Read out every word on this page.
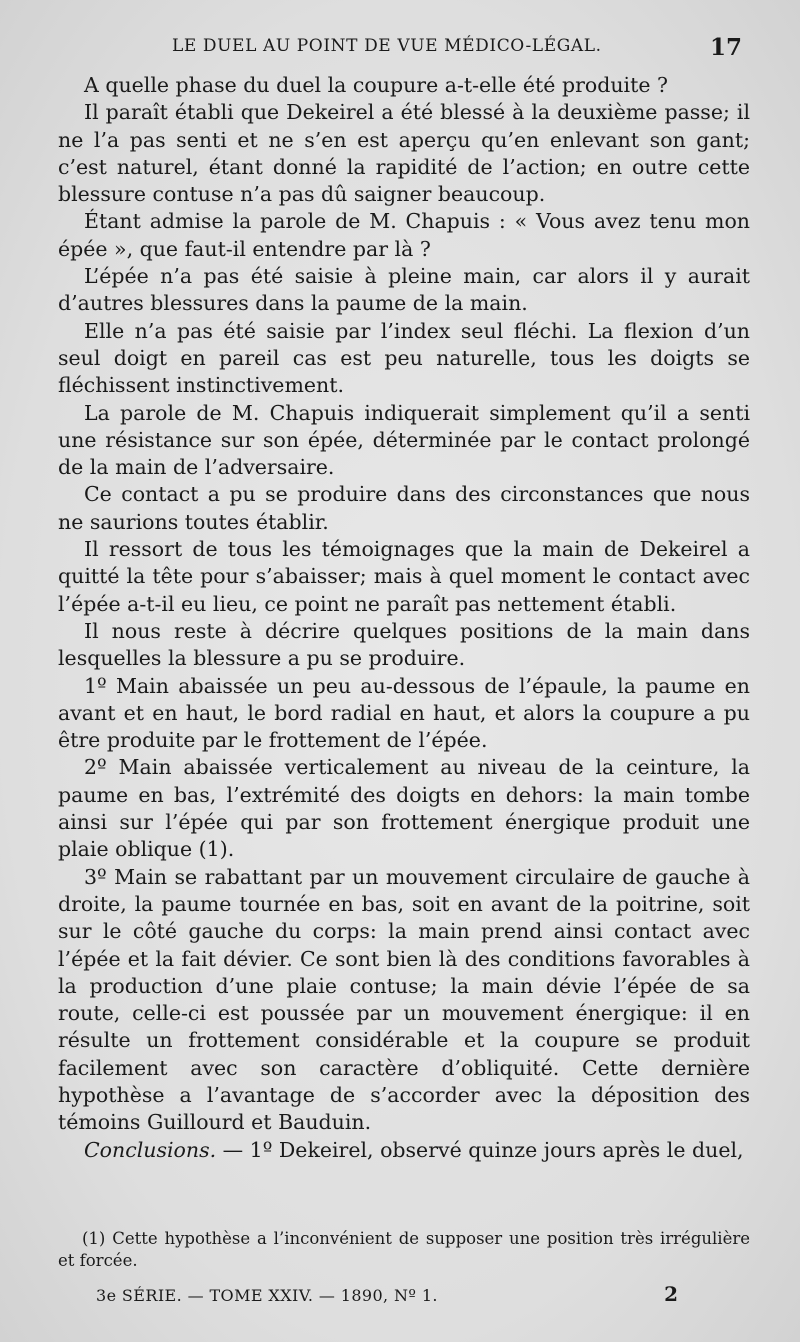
LE DUEL AU POINT DE VUE MÉDICO-LÉGAL.	17

A quelle phase du duel la coupure a-t-elle été produite ?

Il paraît établi que Dekeirel a été blessé à la deuxième passe; il ne l’a pas senti et ne s’en est aperçu qu’en enlevant son gant; c’est naturel, étant donné la rapidité de l’action; en outre cette blessure contuse n’a pas dû saigner beaucoup.

Étant admise la parole de M. Chapuis : « Vous avez tenu mon épée », que faut-il entendre par là ?

L’épée n’a pas été saisie à pleine main, car alors il y aurait d’autres blessures dans la paume de la main.

Elle n’a pas été saisie par l’index seul fléchi. La flexion d’un seul doigt en pareil cas est peu naturelle, tous les doigts se fléchissent instinctivement.

La parole de M. Chapuis indiquerait simplement qu’il a senti une résistance sur son épée, déterminée par le contact prolongé de la main de l’adversaire.

Ce contact a pu se produire dans des circonstances que nous ne saurions toutes établir.

Il ressort de tous les témoignages que la main de Dekeirel a quitté la tête pour s’abaisser; mais à quel moment le contact avec l’épée a-t-il eu lieu, ce point ne paraît pas nettement établi.

Il nous reste à décrire quelques positions de la main dans lesquelles la blessure a pu se produire.

1º Main abaissée un peu au-dessous de l’épaule, la paume en avant et en haut, le bord radial en haut, et alors la coupure a pu être produite par le frottement de l’épée.

2º Main abaissée verticalement au niveau de la ceinture, la paume en bas, l’extrémité des doigts en dehors: la main tombe ainsi sur l’épée qui par son frottement énergique produit une plaie oblique (1).

3º Main se rabattant par un mouvement circulaire de gauche à droite, la paume tournée en bas, soit en avant de la poitrine, soit sur le côté gauche du corps: la main prend ainsi contact avec l’épée et la fait dévier. Ce sont bien là des conditions favorables à la production d’une plaie contuse; la main dévie l’épée de sa route, celle-ci est poussée par un mouvement énergique: il en résulte un frottement considérable et la coupure se produit facilement avec son caractère d’obliquité. Cette dernière hypothèse a l’avantage de s’accorder avec la déposition des témoins Guillourd et Bauduin.

Conclusions. — 1º Dekeirel, observé quinze jours après le duel,

(1) Cette hypothèse a l’inconvénient de supposer une position très irrégulière et forcée.

3e SÉRIE. — TOME XXIV. — 1890, Nº 1.	2
